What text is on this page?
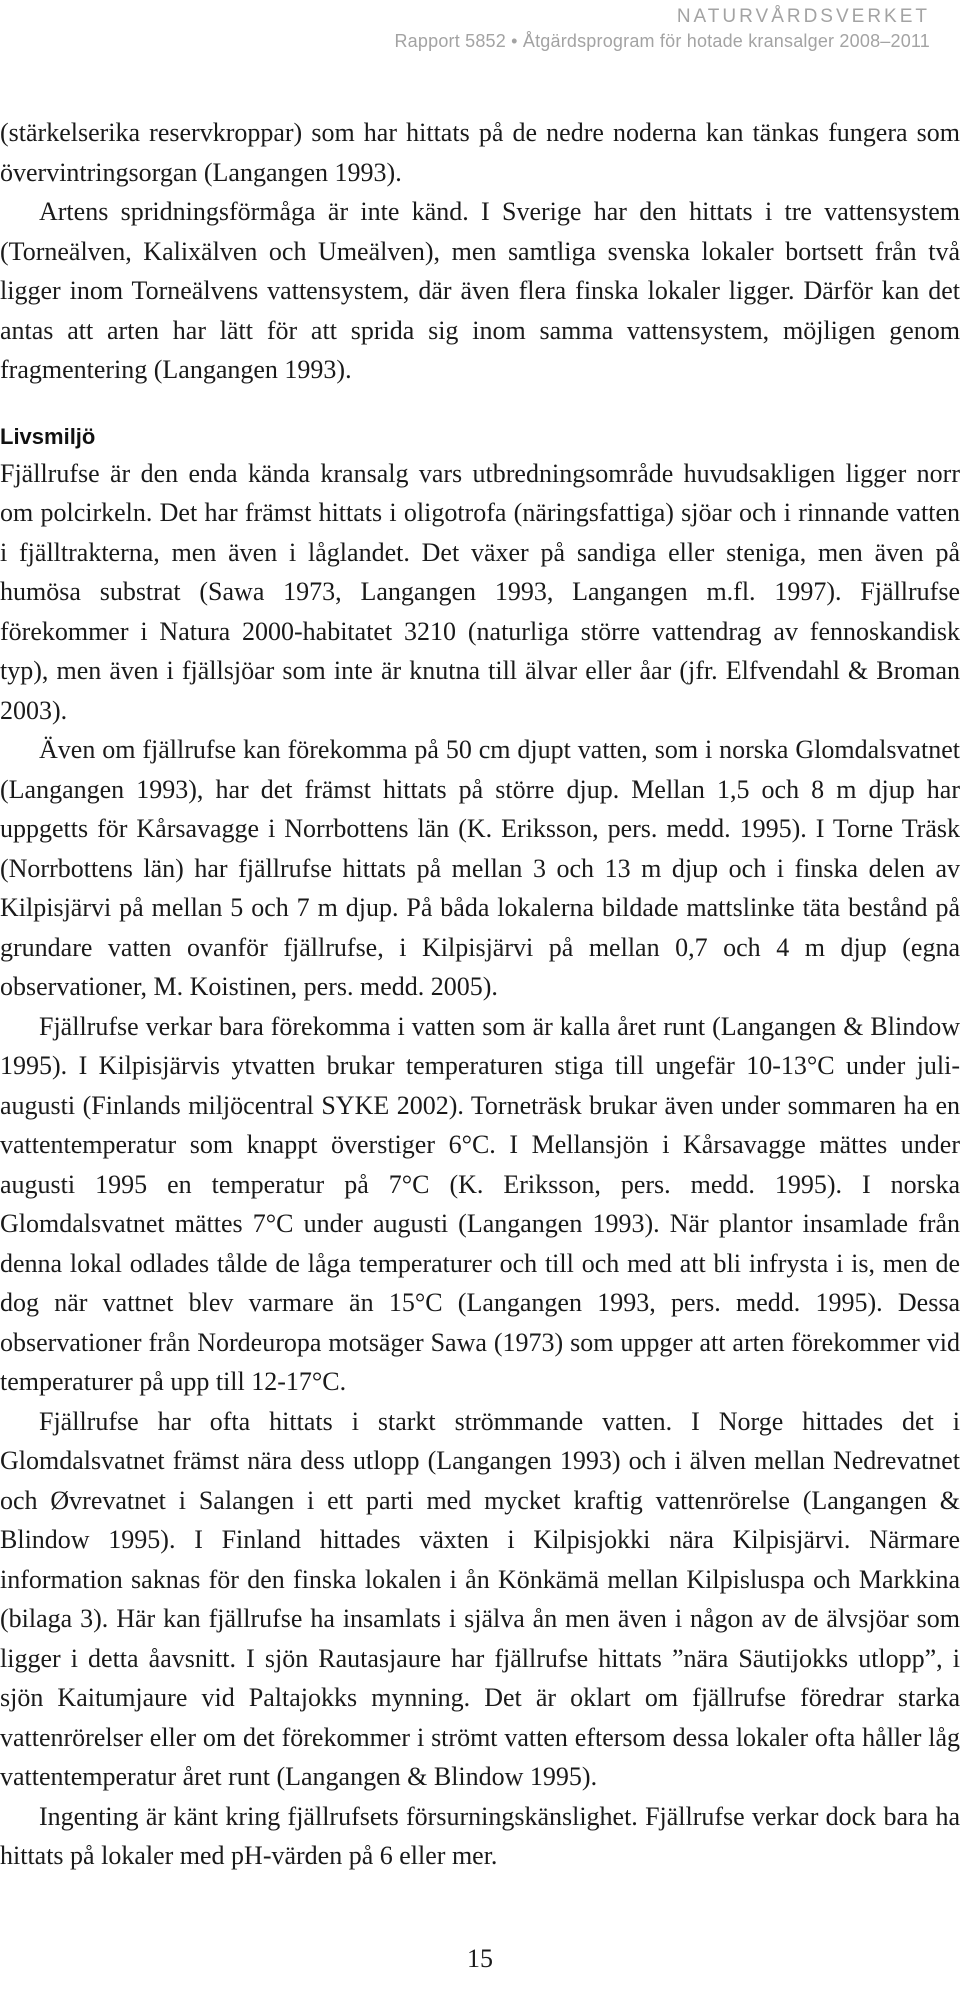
NATURVÅRDSVERKET
Rapport 5852 • Åtgärdsprogram för hotade kransalger 2008–2011

(stärkelserika reservkroppar) som har hittats på de nedre noderna kan tänkas fungera som övervintringsorgan (Langangen 1993).

Artens spridningsförmåga är inte känd. I Sverige har den hittats i tre vattensystem (Torneälven, Kalixälven och Umeälven), men samtliga svenska lokaler bortsett från två ligger inom Torneälvens vattensystem, där även flera finska lokaler ligger. Därför kan det antas att arten har lätt för att sprida sig inom samma vattensystem, möjligen genom fragmentering (Langangen 1993).

Livsmiljö

Fjällrufse är den enda kända kransalg vars utbredningsområde huvudsakligen ligger norr om polcirkeln. Det har främst hittats i oligotrofa (näringsfattiga) sjöar och i rinnande vatten i fjälltrakterna, men även i låglandet. Det växer på sandiga eller steniga, men även på humösa substrat (Sawa 1973, Langangen 1993, Langangen m.fl. 1997). Fjällrufse förekommer i Natura 2000-habitatet 3210 (naturliga större vattendrag av fennoskandisk typ), men även i fjällsjöar som inte är knutna till älvar eller åar (jfr. Elfvendahl & Broman 2003).

Även om fjällrufse kan förekomma på 50 cm djupt vatten, som i norska Glomdalsvatnet (Langangen 1993), har det främst hittats på större djup. Mellan 1,5 och 8 m djup har uppgetts för Kårsavagge i Norrbottens län (K. Eriksson, pers. medd. 1995). I Torne Träsk (Norrbottens län) har fjällrufse hittats på mellan 3 och 13 m djup och i finska delen av Kilpisjärvi på mellan 5 och 7 m djup. På båda lokalerna bildade mattslinke täta bestånd på grundare vatten ovanför fjällrufse, i Kilpisjärvi på mellan 0,7 och 4 m djup (egna observationer, M. Koistinen, pers. medd. 2005).

Fjällrufse verkar bara förekomma i vatten som är kalla året runt (Langangen & Blindow 1995). I Kilpisjärvis ytvatten brukar temperaturen stiga till ungefär 10-13°C under juli-augusti (Finlands miljöcentral SYKE 2002). Torneträsk brukar även under sommaren ha en vattentemperatur som knappt överstiger 6°C. I Mellansjön i Kårsavagge mättes under augusti 1995 en temperatur på 7°C (K. Eriksson, pers. medd. 1995). I norska Glomdalsvatnet mättes 7°C under augusti (Langangen 1993). När plantor insamlade från denna lokal odlades tålde de låga temperaturer och till och med att bli infrysta i is, men de dog när vattnet blev varmare än 15°C (Langangen 1993, pers. medd. 1995). Dessa observationer från Nordeuropa motsäger Sawa (1973) som uppger att arten förekommer vid temperaturer på upp till 12-17°C.

Fjällrufse har ofta hittats i starkt strömmande vatten. I Norge hittades det i Glomdalsvatnet främst nära dess utlopp (Langangen 1993) och i älven mellan Nedrevatnet och Øvrevatnet i Salangen i ett parti med mycket kraftig vattenrörelse (Langangen & Blindow 1995). I Finland hittades växten i Kilpisjokki nära Kilpisjärvi. Närmare information saknas för den finska lokalen i ån Könkämä mellan Kilpisluspa och Markkina (bilaga 3). Här kan fjällrufse ha insamlats i själva ån men även i någon av de älvsjöar som ligger i detta åavsnitt. I sjön Rautasjaure har fjällrufse hittats ”nära Säutijokks utlopp”, i sjön Kaitumjaure vid Paltajokks mynning. Det är oklart om fjällrufse föredrar starka vattenrörelser eller om det förekommer i strömt vatten eftersom dessa lokaler ofta håller låg vattentemperatur året runt (Langangen & Blindow 1995).

Ingenting är känt kring fjällrufsets försurningskänslighet. Fjällrufse verkar dock bara ha hittats på lokaler med pH-värden på 6 eller mer.

15
